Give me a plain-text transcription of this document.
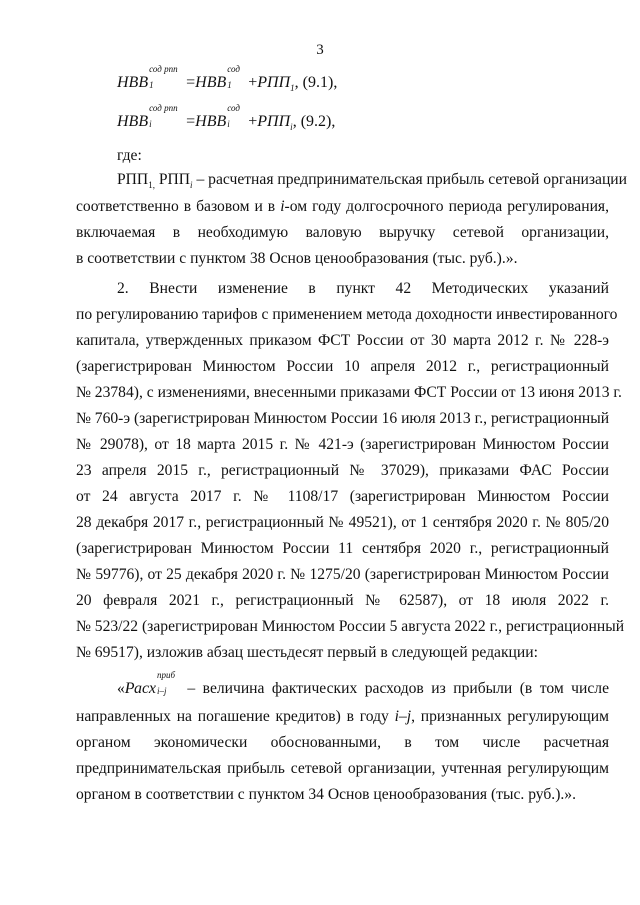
3
НВВ
сод рпп
1 =НВВ
сод
$1 +РПП_1$, (9.1),
НВВ
сод рпп
i =НВВ
сод
$i +РПП_i$, (9.2),
где:
$РПП_{1,}$ $РПП_i$ – расчетная предпринимательская прибыль сетевой организации
соответственно в базовом и в i-ом году долгосрочного периода регулирования,
включаемая в необходимую валовую выручку сетевой организации,
в соответствии с пунктом 38 Основ ценообразования (тыс. руб.).».
2. Внести изменение в пункт 42 Методических указаний
по регулированию тарифов с применением метода доходности инвестированного
капитала, утвержденных приказом ФСТ России от 30 марта 2012 г. № 228-э
(зарегистрирован Минюстом России 10 апреля 2012 г., регистрационный
№ 23784), с изменениями, внесенными приказами ФСТ России от 13 июня 2013 г.
№ 760-э (зарегистрирован Минюстом России 16 июля 2013 г., регистрационный
№ 29078), от 18 марта 2015 г. № 421-э (зарегистрирован Минюстом России
23 апреля 2015 г., регистрационный № 37029), приказами ФАС России
от 24 августа 2017 г. № 1108/17 (зарегистрирован Минюстом России
28 декабря 2017 г., регистрационный № 49521), от 1 сентября 2020 г. № 805/20
(зарегистрирован Минюстом России 11 сентября 2020 г., регистрационный
№ 59776), от 25 декабря 2020 г. № 1275/20 (зарегистрирован Минюстом России
20 февраля 2021 г., регистрационный № 62587), от 18 июля 2022 г.
№ 523/22 (зарегистрирован Минюстом России 5 августа 2022 г., регистрационный
№ 69517), изложив абзац шестьдесят первый в следующей редакции:
«Расх
приб
i–j – величина фактических расходов из прибыли (в том числе
направленных на погашение кредитов) в году i–j, признанных регулирующим
органом экономически обоснованными, в том числе расчетная
предпринимательская прибыль сетевой организации, учтенная регулирующим
органом в соответствии с пунктом 34 Основ ценообразования (тыс. руб.).».
